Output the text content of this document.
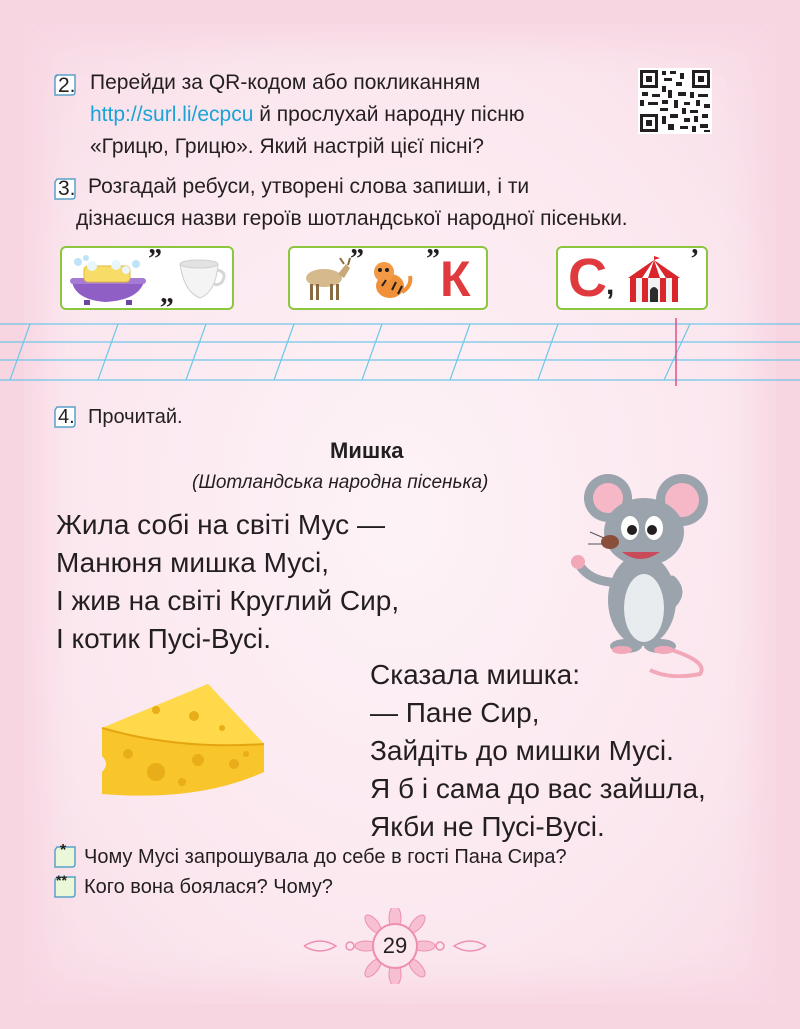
2. Перейди за QR-кодом або покликанням
http://surl.li/ecpcu й прослухай народну пісню
«Грицю, Грицю». Який настрій цієї пісні?
3. Розгадай ребуси, утворені слова запиши, і ти
дізнаєшся назви героїв шотландської народної пісеньки.
”
„
” ” К С ,
’
4. Прочитай.
Мишка
(Шотландська народна пісенька)
Жила собі на світі Мус —
Манюня мишка Мусі,
І жив на світі Круглий Сир,
І котик Пусі-Вусі.
Сказала мишка:
— Пане Сир,
Зайдіть до мишки Мусі.
Я б і сама до вас зайшла,
Якби не Пусі-Вусі.
* Чому Мусі запрошувала до себе в гості Пана Сира?
** Кого вона боялася? Чому?
29
